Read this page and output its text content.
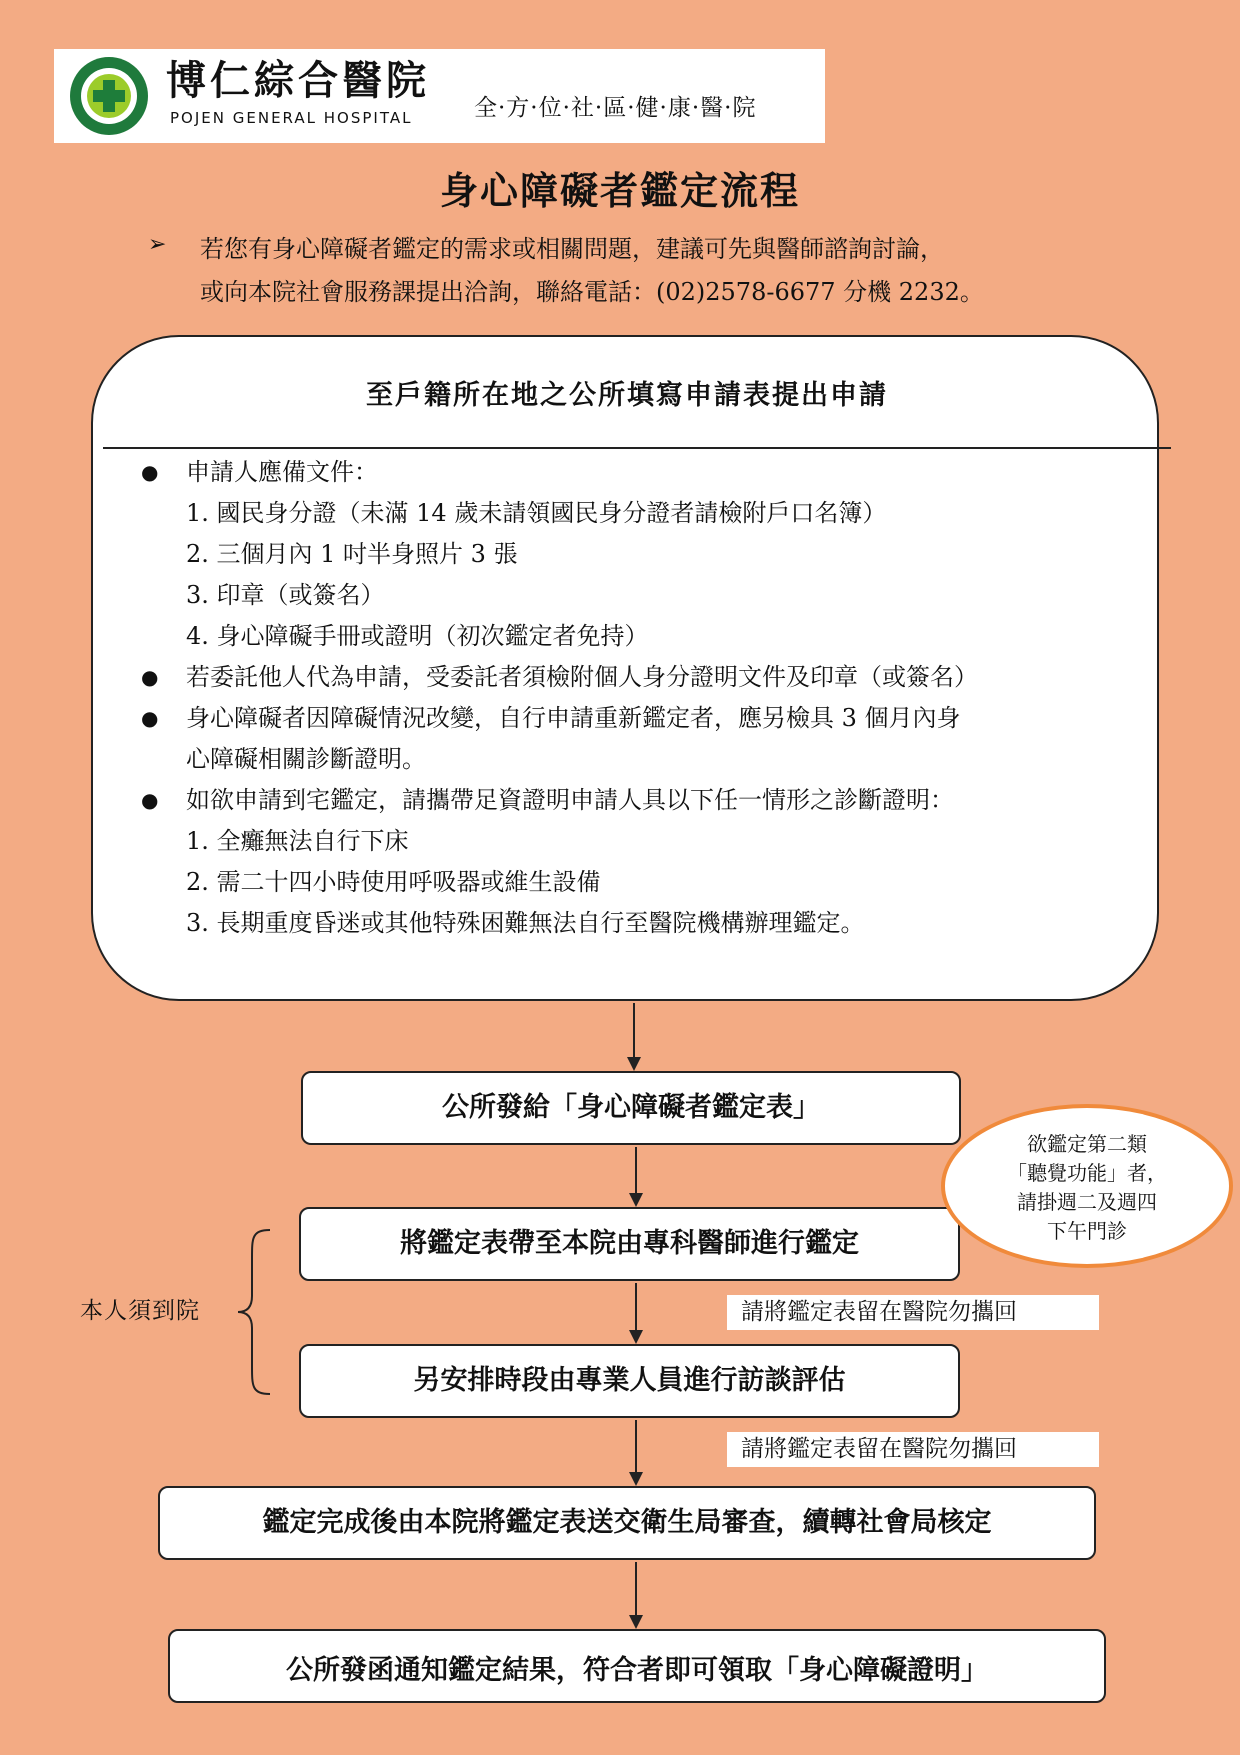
博仁綜合醫院
POJEN GENERAL HOSPITAL	全·方·位·社·區·健·康·醫·院
身心障礙者鑑定流程
➢ 若您有身心障礙者鑑定的需求或相關問題，建議可先與醫師諮詢討論，
或向本院社會服務課提出洽詢，聯絡電話：(02)2578-6677 分機 2232。
至戶籍所在地之公所填寫申請表提出申請
● 申請人應備文件：
1. 國民身分證（未滿 14 歲未請領國民身分證者請檢附戶口名簿）
2. 三個月內 1 吋半身照片 3 張
3. 印章（或簽名）
4. 身心障礙手冊或證明（初次鑑定者免持）
● 若委託他人代為申請，受委託者須檢附個人身分證明文件及印章（或簽名）
● 身心障礙者因障礙情況改變，自行申請重新鑑定者，應另檢具 3 個月內身
心障礙相關診斷證明。
● 如欲申請到宅鑑定，請攜帶足資證明申請人具以下任一情形之診斷證明：
1. 全癱無法自行下床
2. 需二十四小時使用呼吸器或維生設備
3. 長期重度昏迷或其他特殊困難無法自行至醫院機構辦理鑑定。
公所發給「身心障礙者鑑定表」
將鑑定表帶至本院由專科醫師進行鑑定
另安排時段由專業人員進行訪談評估
鑑定完成後由本院將鑑定表送交衛生局審查，續轉社會局核定
公所發函通知鑑定結果，符合者即可領取「身心障礙證明」
請將鑑定表留在醫院勿攜回
請將鑑定表留在醫院勿攜回
欲鑑定第二類
「聽覺功能」者，
請掛週二及週四
下午門診
本人須到院
